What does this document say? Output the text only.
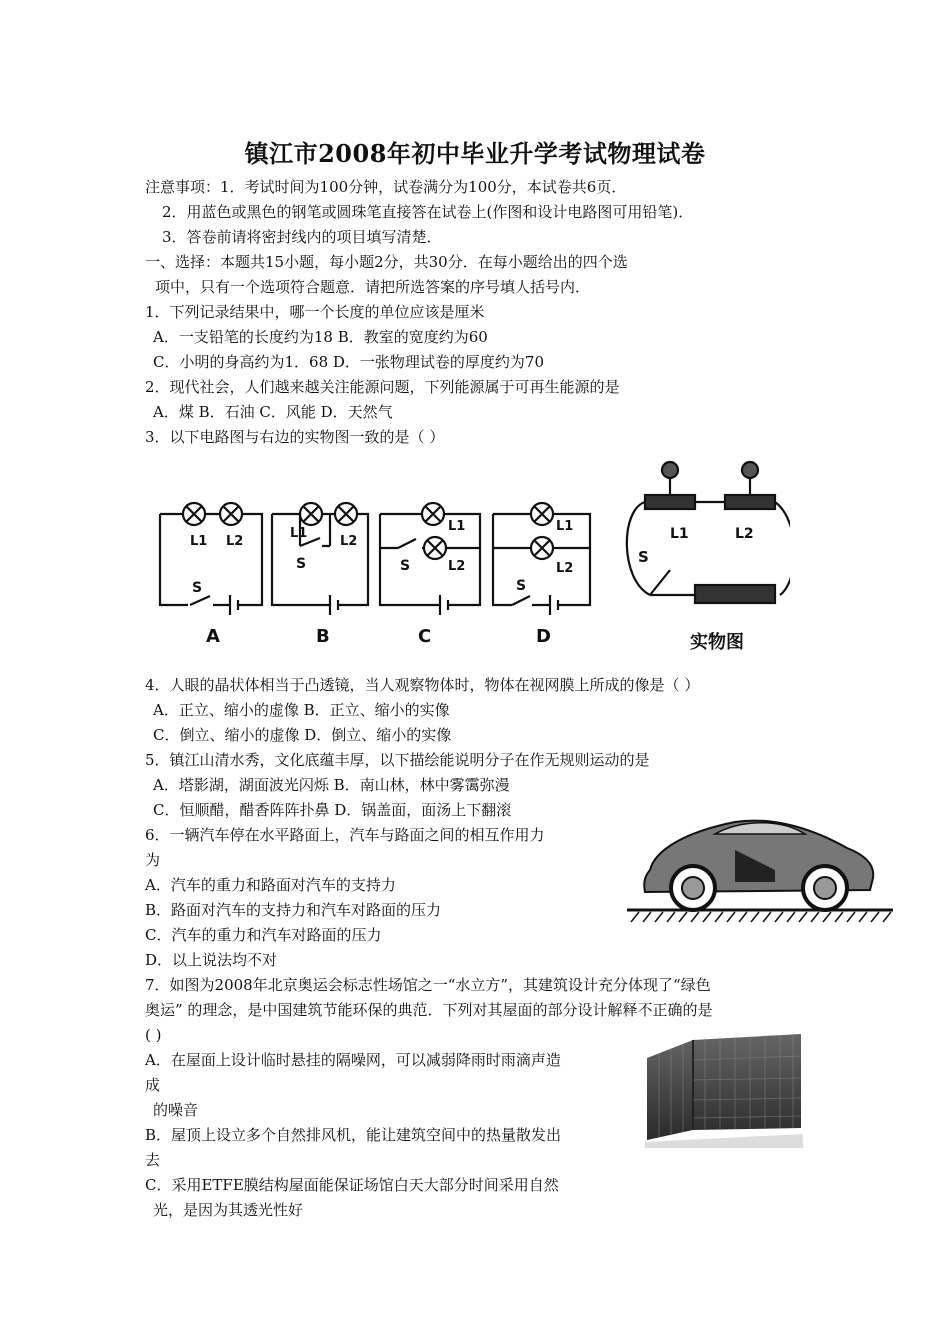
镇江市2008年初中毕业升学考试物理试卷
注意事项：1．考试时间为100分钟，试卷满分为100分，本试卷共6页．
2．用蓝色或黑色的钢笔或圆珠笔直接答在试卷上(作图和设计电路图可用铅笔)．
3．答卷前请将密封线内的项目填写清楚．
一、选择：本题共15小题，每小题2分，共30分．在每小题给出的四个选
项中，只有一个选项符合题意．请把所选答案的序号填人括号内．
1．下列记录结果中，哪一个长度的单位应该是厘米
A．一支铅笔的长度约为18 B．教室的宽度约为60
C．小明的身高约为1．68 D．一张物理试卷的厚度约为70
2．现代社会，人们越来越关注能源问题，下列能源属于可再生能源的是
A．煤 B．石油 C．风能 D．天然气
3．以下电路图与右边的实物图一致的是（ ）
L1 L2
S
L1
L2
S
L1
L2
S
L1
L2
S
L1	L2
S
A	B	C	D	实物图
4．人眼的晶状体相当于凸透镜，当人观察物体时，物体在视网膜上所成的像是（ ）
A．正立、缩小的虚像 B．正立、缩小的实像
C．倒立、缩小的虚像 D．倒立、缩小的实像
5．镇江山清水秀，文化底蕴丰厚，以下描绘能说明分子在作无规则运动的是
A．塔影湖，湖面波光闪烁 B．南山林，林中雾霭弥漫
C．恒顺醋，醋香阵阵扑鼻 D．锅盖面，面汤上下翻滚
6．一辆汽车停在水平路面上，汽车与路面之间的相互作用力
为
A．汽车的重力和路面对汽车的支持力
B．路面对汽车的支持力和汽车对路面的压力
C．汽车的重力和汽车对路面的压力
D．以上说法均不对
7．如图为2008年北京奥运会标志性场馆之一“水立方”，其建筑设计充分体现了“绿色
奥运” 的理念，是中国建筑节能环保的典范．下列对其屋面的部分设计解释不正确的是
( )
A．在屋面上设计临时悬挂的隔噪网，可以减弱降雨时雨滴声造
成
的噪音
B．屋顶上设立多个自然排风机，能让建筑空间中的热量散发出
去
C．采用ETFE膜结构屋面能保证场馆白天大部分时间采用自然
光，是因为其透光性好
